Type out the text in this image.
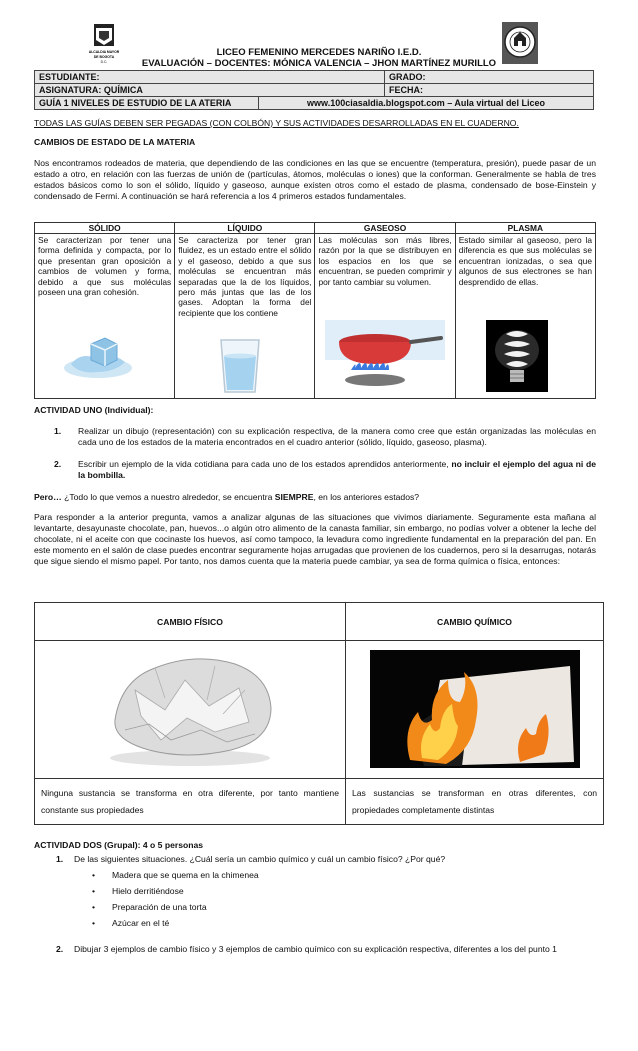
ALCALDIA MAYOR
DE BOGOTA
D.C.
LICEO FEMENINO MERCEDES NARIÑO I.E.D.
EVALUACIÓN – DOCENTES: MÓNICA VALENCIA – JHON MARTÍNEZ MURILLO
ESTUDIANTE:		GRADO:
ASIGNATURA: QUÍMICA		FECHA:
GUÍA 1 NIVELES DE ESTUDIO DE LA ATERIA	www.100ciasaldia.blogspot.com – Aula virtual del Liceo	
TODAS LAS GUÍAS DEBEN SER PEGADAS (CON COLBÓN) Y SUS ACTIVIDADES DESARROLLADAS EN EL CUADERNO.
CAMBIOS DE ESTADO DE LA MATERIA
Nos encontramos rodeados de materia, que dependiendo de las condiciones en las que se encuentre (temperatura, presión), puede pasar de un estado a otro, en relación con las fuerzas de unión de (partículas, átomos, moléculas o iones) que la conforman. Generalmente se habla de tres estados básicos como lo son el sólido, líquido y gaseoso, aunque existen otros como el estado de plasma, condensado de bose-Einstein y condensado de Fermi. A continuación se hará referencia a los 4 primeros estados fundamentales.
SÓLIDO	LÍQUIDO	GASEOSO	PLASMA

Se caracterizan por tener una forma definida y compacta, por lo que presentan gran oposición a cambios de volumen y forma, debido a que sus moléculas poseen una gran cohesión.	Se caracteriza por tener gran fluidez, es un estado entre el sólido y el gaseoso, debido a que sus moléculas se encuentran más separadas que la de los líquidos, pero más juntas que las de los gases. Adoptan la forma del recipiente que los contiene	Las moléculas son más libres, razón por la que se distribuyen en los espacios en los que se encuentran, se pueden comprimir y por tanto cambiar su volumen.	Estado similar al gaseoso, pero la diferencia es que sus moléculas se encuentran ionizadas, o sea que algunos de sus electrones se han desprendido de ellas.
ACTIVIDAD UNO (Individual):
1. Realizar un dibujo (representación) con su explicación respectiva, de la manera como cree que están organizadas las moléculas en cada uno de los estados de la materia encontrados en el cuadro anterior (sólido, líquido, gaseoso, plasma).
2. Escribir un ejemplo de la vida cotidiana para cada uno de los estados aprendidos anteriormente, no incluir el ejemplo del agua ni de la bombilla.
Pero… ¿Todo lo que vemos a nuestro alrededor, se encuentra SIEMPRE, en los anteriores estados?
Para responder a la anterior pregunta, vamos a analizar algunas de las situaciones que vivimos diariamente. Seguramente esta mañana al levantarte, desayunaste chocolate, pan, huevos...o algún otro alimento de la canasta familiar, sin embargo, no podías volver a obtener la leche del chocolate, ni el aceite con que cocinaste los huevos, así como tampoco, la levadura como ingrediente fundamental en la preparación del pan. En este momento en el salón de clase puedes encontrar seguramente hojas arrugadas que provienen de los cuadernos, pero si la desarrugas, notarás que sigue siendo el mismo papel. Por tanto, nos damos cuenta que la materia puede cambiar, ya sea de forma química o física, entonces:
CAMBIO FÍSICO	CAMBIO QUÍMICO

Ninguna sustancia se transforma en otra diferente, por tanto mantiene constante sus propiedades	Las sustancias se transforman en otras diferentes, con propiedades completamente distintas
ACTIVIDAD DOS (Grupal): 4 o 5 personas
1. De las siguientes situaciones. ¿Cuál sería un cambio químico y cuál un cambio físico? ¿Por qué?
• Madera que se quema en la chimenea
• Hielo derritiéndose
• Preparación de una torta
• Azúcar en el té
2. Dibujar 3 ejemplos de cambio físico y 3 ejemplos de cambio químico con su explicación respectiva, diferentes a los del punto 1
